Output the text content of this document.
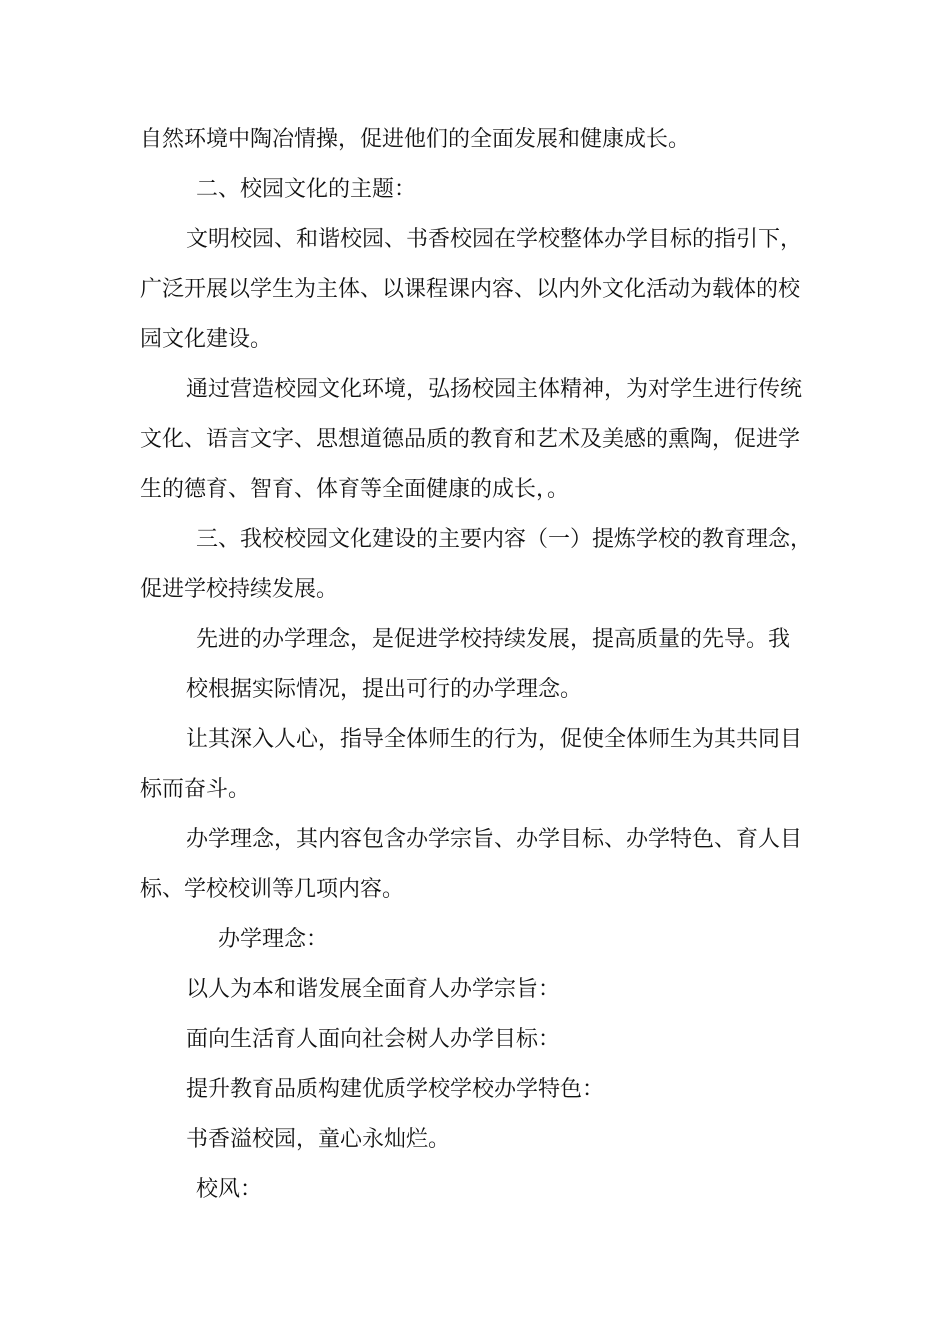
自然环境中陶冶情操，促进他们的全面发展和健康成长。

二、校园文化的主题：

文明校园、和谐校园、书香校园在学校整体办学目标的指引下，

广泛开展以学生为主体、以课程课内容、以内外文化活动为载体的校

园文化建设。

通过营造校园文化环境，弘扬校园主体精神，为对学生进行传统

文化、语言文字、思想道德品质的教育和艺术及美感的熏陶，促进学

生的德育、智育、体育等全面健康的成长，。

三、我校校园文化建设的主要内容（一）提炼学校的教育理念，

促进学校持续发展。

先进的办学理念，是促进学校持续发展，提高质量的先导。我

校根据实际情况，提出可行的办学理念。

让其深入人心，指导全体师生的行为，促使全体师生为其共同目

标而奋斗。

办学理念，其内容包含办学宗旨、办学目标、办学特色、育人目

标、学校校训等几项内容。

办学理念：

以人为本和谐发展全面育人办学宗旨：

面向生活育人面向社会树人办学目标：

提升教育品质构建优质学校学校办学特色：

书香溢校园，童心永灿烂。

校风：
